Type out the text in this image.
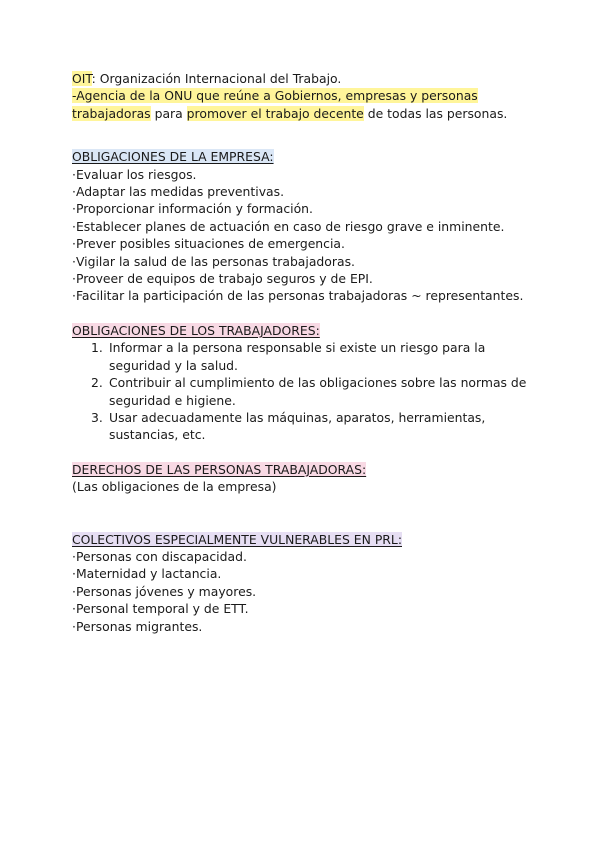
OIT: Organización Internacional del Trabajo.
-Agencia de la ONU que reúne a Gobiernos, empresas y personas
trabajadoras para promover el trabajo decente de todas las personas.
OBLIGACIONES DE LA EMPRESA:
·Evaluar los riesgos.
·Adaptar las medidas preventivas.
·Proporcionar información y formación.
·Establecer planes de actuación en caso de riesgo grave e inminente.
·Prever posibles situaciones de emergencia.
·Vigilar la salud de las personas trabajadoras.
·Proveer de equipos de trabajo seguros y de EPI.
·Facilitar la participación de las personas trabajadoras ~ representantes.
OBLIGACIONES DE LOS TRABAJADORES:
1. Informar a la persona responsable si existe un riesgo para la
seguridad y la salud.
2. Contribuir al cumplimiento de las obligaciones sobre las normas de
seguridad e higiene.
3. Usar adecuadamente las máquinas, aparatos, herramientas,
sustancias, etc.
DERECHOS DE LAS PERSONAS TRABAJADORAS:
(Las obligaciones de la empresa)
COLECTIVOS ESPECIALMENTE VULNERABLES EN PRL:
·Personas con discapacidad.
·Maternidad y lactancia.
·Personas jóvenes y mayores.
·Personal temporal y de ETT.
·Personas migrantes.
